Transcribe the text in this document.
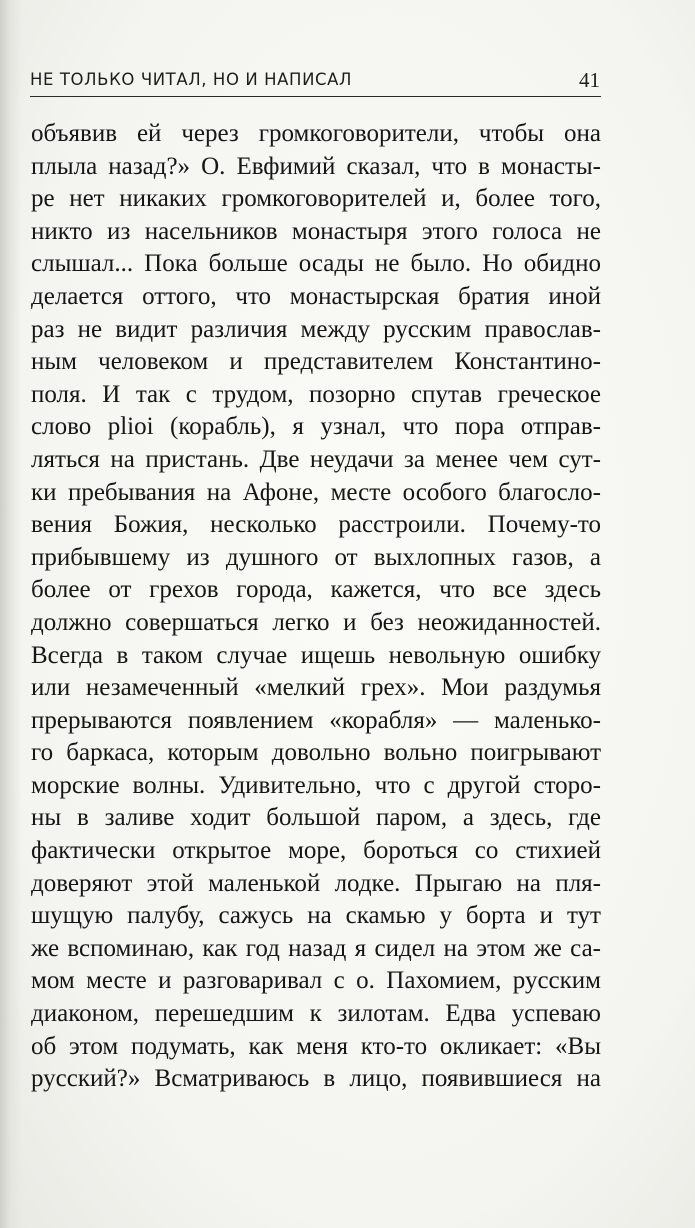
НЕ ТОЛЬКО ЧИТАЛ, НО И НАПИСАЛ	41
объявив ей через громкоговорители, чтобы она
плыла назад?» О. Евфимий сказал, что в монасты-
ре нет никаких громкоговорителей и, более того,
никто из насельников монастыря этого голоса не
слышал... Пока больше осады не было. Но обидно
делается оттого, что монастырская братия иной
раз не видит различия между русским православ-
ным человеком и представителем Константино-
поля. И так с трудом, позорно спутав греческое
слово plioi (корабль), я узнал, что пора отправ-
ляться на пристань. Две неудачи за менее чем сут-
ки пребывания на Афоне, месте особого благосло-
вения Божия, несколько расстроили. Почему-то
прибывшему из душного от выхлопных газов, а
более от грехов города, кажется, что все здесь
должно совершаться легко и без неожиданностей.
Всегда в таком случае ищешь невольную ошибку
или незамеченный «мелкий грех». Мои раздумья
прерываются появлением «корабля» — маленько-
го баркаса, которым довольно вольно поигрывают
морские волны. Удивительно, что с другой сторо-
ны в заливе ходит большой паром, а здесь, где
фактически открытое море, бороться со стихией
доверяют этой маленькой лодке. Прыгаю на пля-
шущую палубу, сажусь на скамью у борта и тут
же вспоминаю, как год назад я сидел на этом же са-
мом месте и разговаривал с о. Пахомием, русским
диаконом, перешедшим к зилотам. Едва успеваю
об этом подумать, как меня кто-то окликает: «Вы
русский?» Всматриваюсь в лицо, появившиеся на
